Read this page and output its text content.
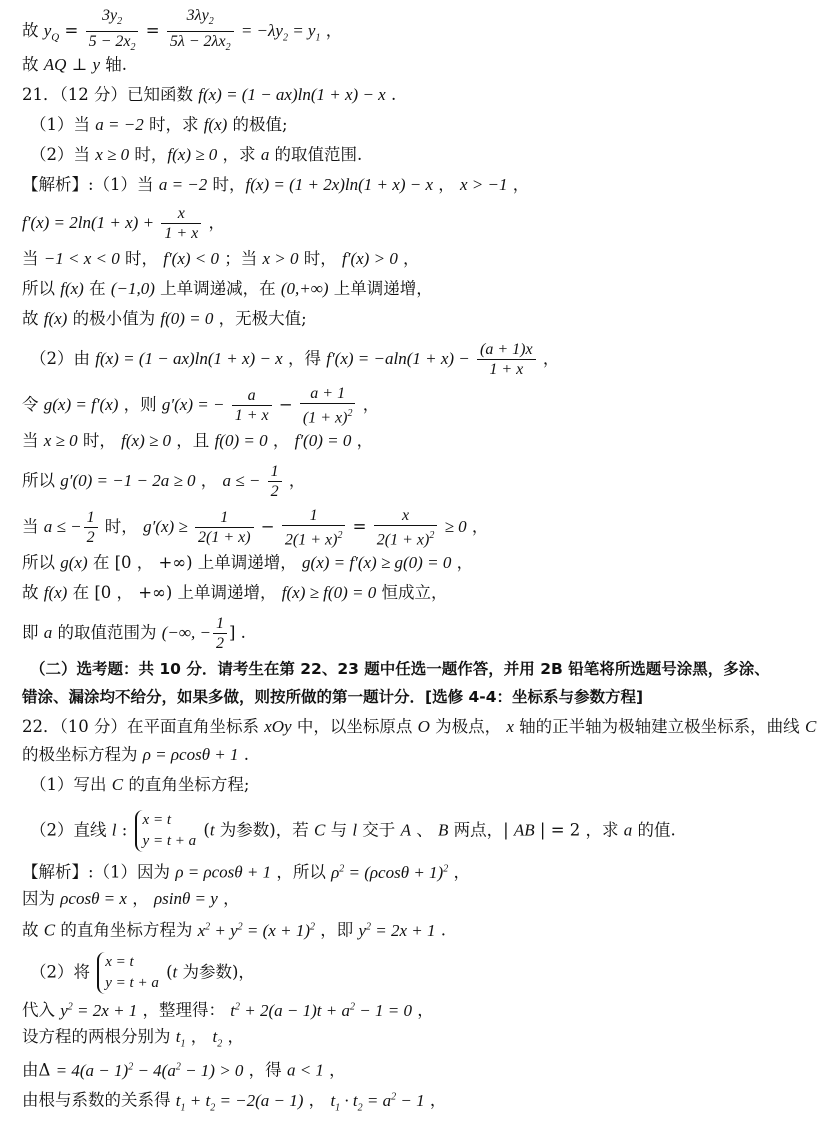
故 $y_Q = \frac{3y_2}{5 - 2x_2} = \frac{3\lambda y_2}{5\lambda - 2\lambda x_2} = -\lambda y_2 = y_1$ ，
故 AQ ⊥ y 轴.
21．（12 分）已知函数 f(x) = (1 − ax)ln(1 + x) − x .
（1）当 a = −2 时，求 f(x) 的极值;
（2）当 x ≥ 0 时，f(x) ≥ 0 ，求 a 的取值范围.
【解析】:（1）当 a = −2 时，f(x) = (1 + 2x)ln(1 + x) − x ， x > −1 ，
$f'(x) = 2\ln(1 + x) + \frac{x}{1 + x}$ ，
当 −1 < x < 0 时， f′(x) < 0 ；当 x > 0 时， f′(x) > 0 ，
所以 f(x) 在 (−1,0) 上单调递减，在 (0,+∞) 上单调递增，
故 f(x) 的极小值为 f(0) = 0 ，无极大值;
（2）由 f(x) = (1 − ax)ln(1 + x) − x ，得 $f'(x) = -aln(1 + x) - \frac{(a + 1)x}{1 + x}$ ，
令 g(x) = f′(x) ，则 g′(x) = − $\frac{a}{1 + x} - \frac{a + 1}{(1 + x)^2}$ ，
当 x ≥ 0 时， f(x) ≥ 0 ，且 f(0) = 0 ， f′(0) = 0 ，
所以 g′(0) = −1 − 2a ≥ 0 ， a ≤ − $\frac{1}{2}$ ，
当 a ≤ − $\frac{1}{2}$ 时， $g'(x) \ge \frac{1}{2(1 + x)} - \frac{1}{2(1 + x)^2} = \frac{x}{2(1 + x)^2} \ge 0$ ，
所以 g(x) 在 [0 ， +∞) 上单调递增， g(x) = f′(x) ≥ g(0) = 0 ，
故 f(x) 在 [0 ， +∞) 上单调递增， f(x) ≥ f(0) = 0 恒成立，
即 a 的取值范围为 (−∞, − $\frac{1}{2}$ ] .
（二）选考题：共 10 分．请考生在第 22、23 题中任选一题作答，并用 2B 铅笔将所选题号涂黑，多涂、
错涂、漏涂均不给分，如果多做，则按所做的第一题计分．[选修 4-4：坐标系与参数方程]
22．（10 分）在平面直角坐标系 xOy 中，以坐标原点 O 为极点， x 轴的正半轴为极轴建立极坐标系，曲线 C
的极坐标方程为 ρ = ρcosθ + 1 .
（1）写出 C 的直角坐标方程;
（2）直线 l :
x = t
y = t + a
(t 为参数)，若 C 与 l 交于 A 、 B 两点，| AB | = 2 ，求 a 的值.
【解析】:（1）因为 ρ = ρcosθ + 1 ，所以 $\rho^2 = (\rho\cos\theta + 1)^2$ ，
因为 ρcosθ = x ， ρsinθ = y ，
故 C 的直角坐标方程为 $x^2 + y^2 = (x + 1)^2$ ，即 $y^2 = 2x + 1$ .
（2）将
x = t
y = t + a
(t 为参数)，
代入 $y^2 = 2x + 1$ ，整理得： $t^2 + 2(a - 1)t + a^2 - 1 = 0$ ，
设方程的两根分别为 $t_1$ ， $t_2$ ，
由$\Delta = 4(a - 1)^2 - 4(a^2 - 1) > 0$ ，得 a < 1 ，
由根与系数的关系得 $t_1 + t_2 = -2(a - 1)$ ， $t_1 \cdot t_2 = a^2 - 1$ ，
